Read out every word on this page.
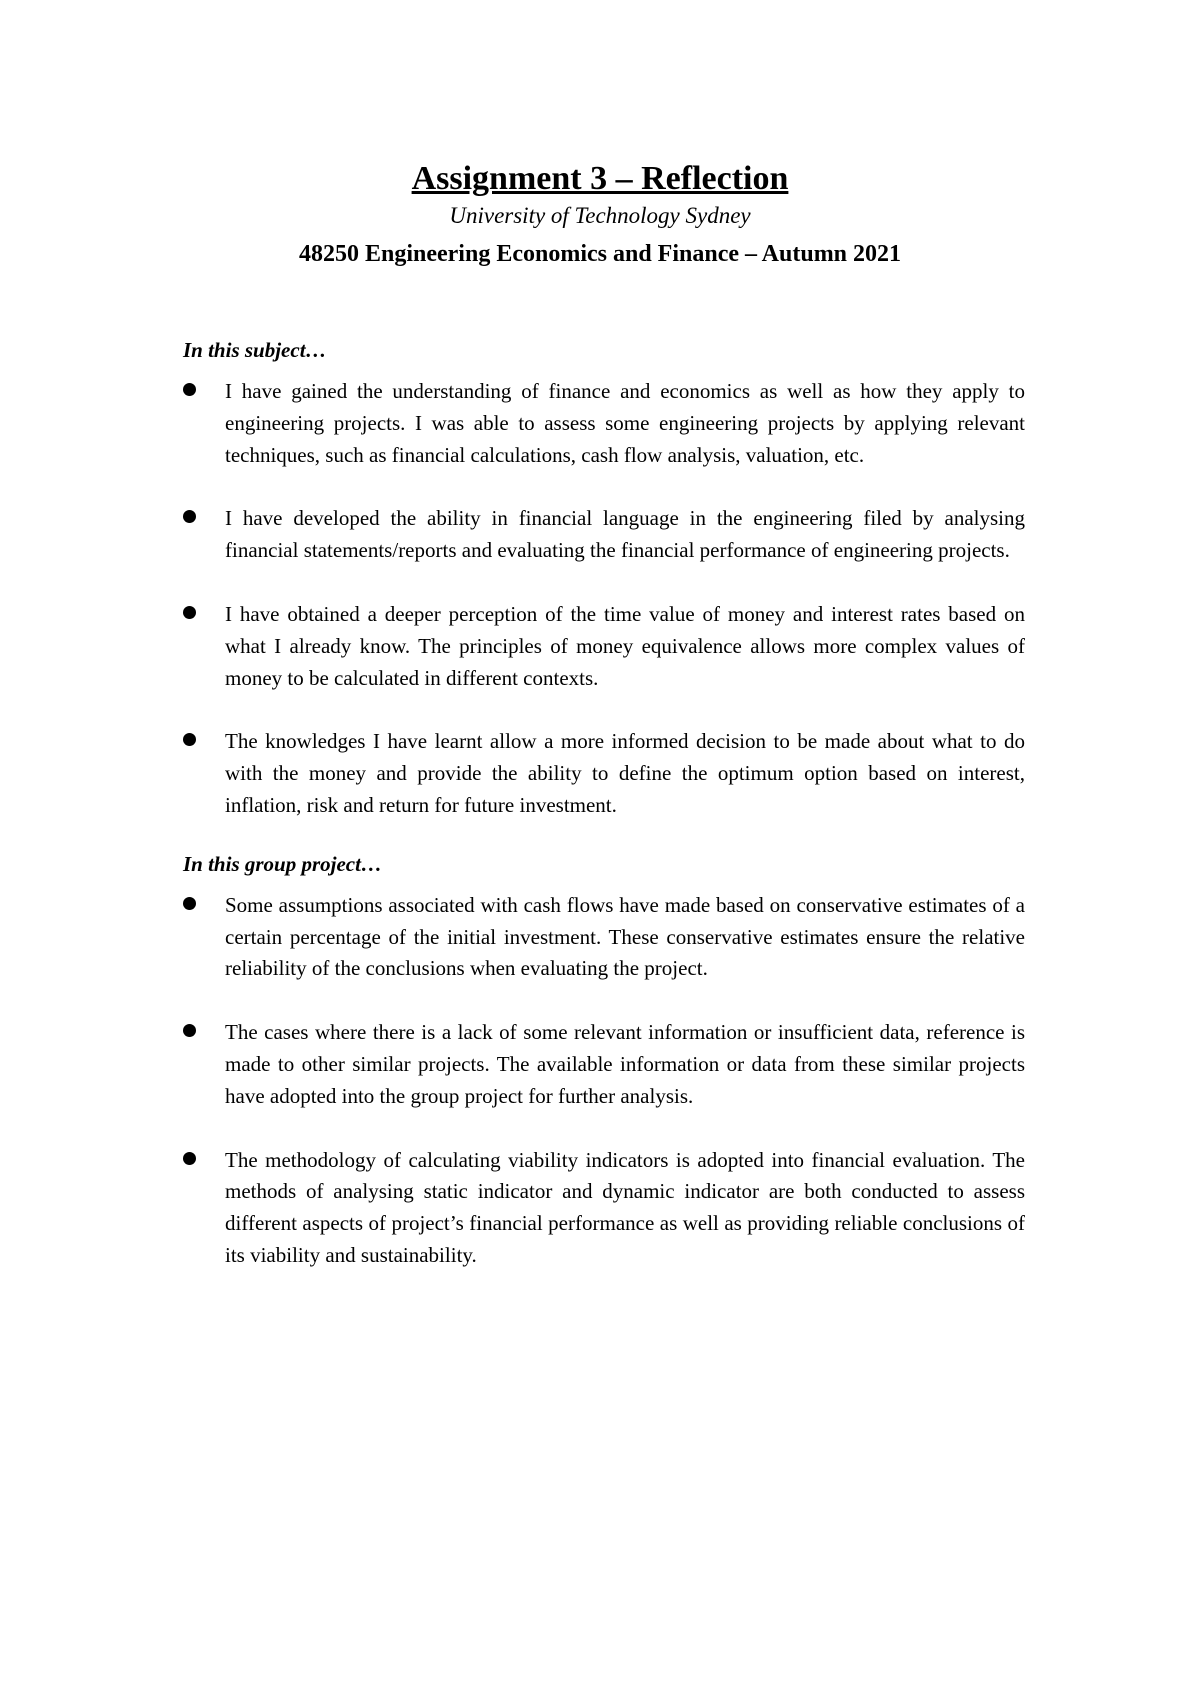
Assignment 3 – Reflection

University of Technology Sydney

48250 Engineering Economics and Finance – Autumn 2021

In this subject…

I have gained the understanding of finance and economics as well as how they apply to engineering projects. I was able to assess some engineering projects by applying relevant techniques, such as financial calculations, cash flow analysis, valuation, etc.
I have developed the ability in financial language in the engineering filed by analysing financial statements/reports and evaluating the financial performance of engineering projects.
I have obtained a deeper perception of the time value of money and interest rates based on what I already know. The principles of money equivalence allows more complex values of money to be calculated in different contexts.
The knowledges I have learnt allow a more informed decision to be made about what to do with the money and provide the ability to define the optimum option based on interest, inflation, risk and return for future investment.

In this group project…

Some assumptions associated with cash flows have made based on conservative estimates of a certain percentage of the initial investment. These conservative estimates ensure the relative reliability of the conclusions when evaluating the project.
The cases where there is a lack of some relevant information or insufficient data, reference is made to other similar projects. The available information or data from these similar projects have adopted into the group project for further analysis.
The methodology of calculating viability indicators is adopted into financial evaluation. The methods of analysing static indicator and dynamic indicator are both conducted to assess different aspects of project’s financial performance as well as providing reliable conclusions of its viability and sustainability.
